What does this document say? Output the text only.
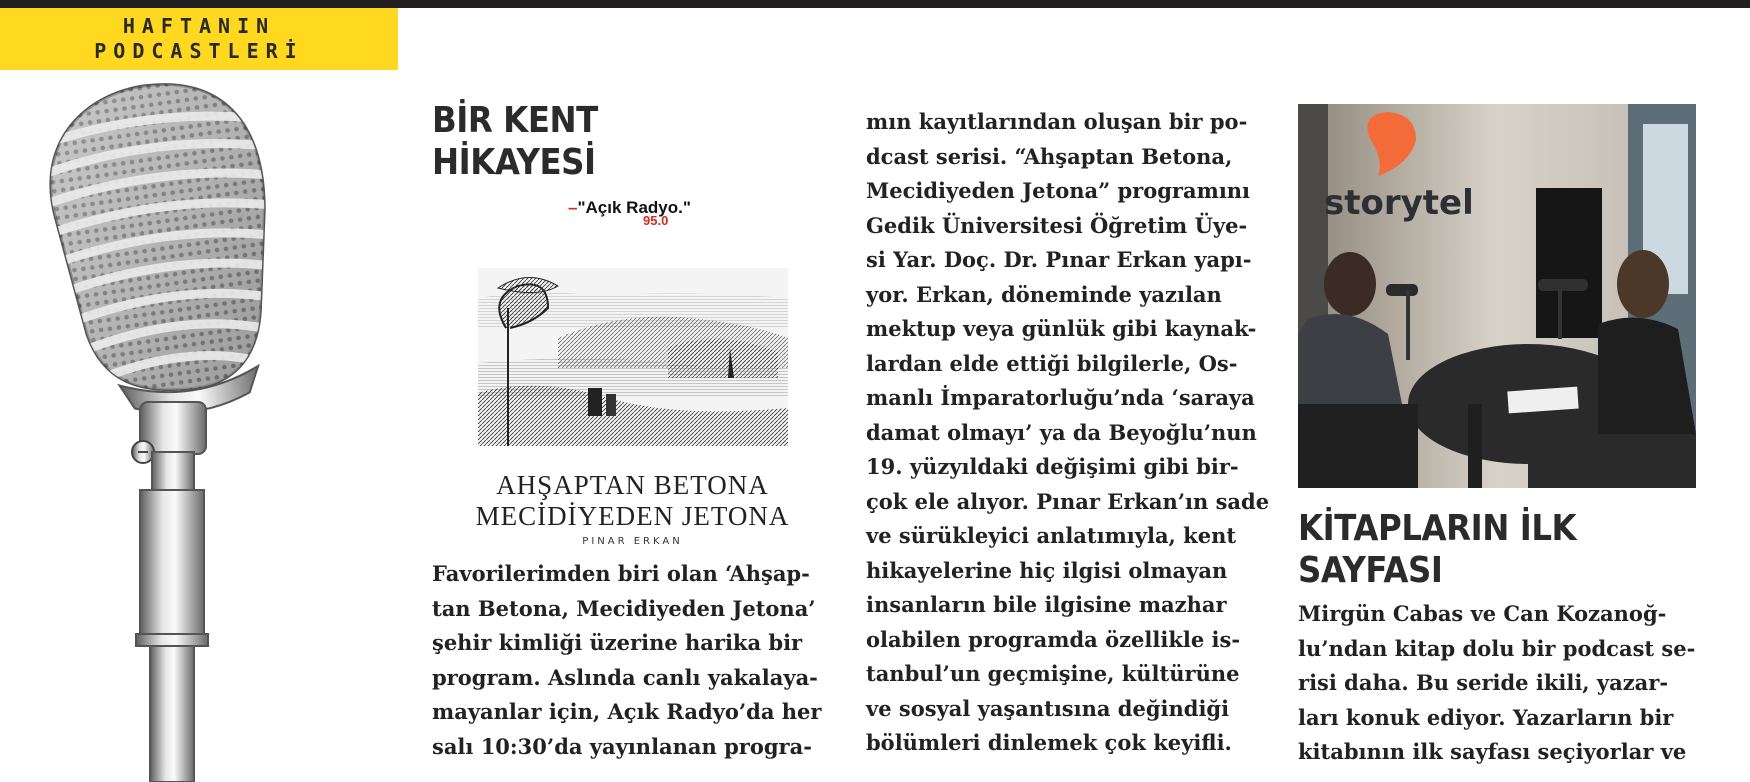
HAFTANIN
PODCASTLERİ
BİR KENT
HİKAYESİ
–"Açık Radyo."
95.0
AHŞAPTAN BETONA
MECİDİYEDEN JETONA
PINAR ERKAN
Favorilerimden biri olan ‘Ahşap-
tan Betona, Mecidiyeden Jetona’
şehir kimliği üzerine harika bir
program. Aslında canlı yakalaya-
mayanlar için, Açık Radyo’da her
salı 10:30’da yayınlanan progra-
mın kayıtlarından oluşan bir po-
dcast serisi. “Ahşaptan Betona,
Mecidiyeden Jetona” programını
Gedik Üniversitesi Öğretim Üye-
si Yar. Doç. Dr. Pınar Erkan yapı-
yor. Erkan, döneminde yazılan
mektup veya günlük gibi kaynak-
lardan elde ettiği bilgilerle, Os-
manlı İmparatorluğu’nda ‘saraya
damat olmayı’ ya da Beyoğlu’nun
19. yüzyıldaki değişimi gibi bir-
çok ele alıyor. Pınar Erkan’ın sade
ve sürükleyici anlatımıyla, kent
hikayelerine hiç ilgisi olmayan
insanların bile ilgisine mazhar
olabilen programda özellikle is-
tanbul’un geçmişine, kültürüne
ve sosyal yaşantısına değindiği
bölümleri dinlemek çok keyifli.
storytel
KİTAPLARIN İLK
SAYFASI
Mirgün Cabas ve Can Kozanoğ-
lu’ndan kitap dolu bir podcast se-
risi daha. Bu seride ikili, yazar-
ları konuk ediyor. Yazarların bir
kitabının ilk sayfası seçiyorlar ve
